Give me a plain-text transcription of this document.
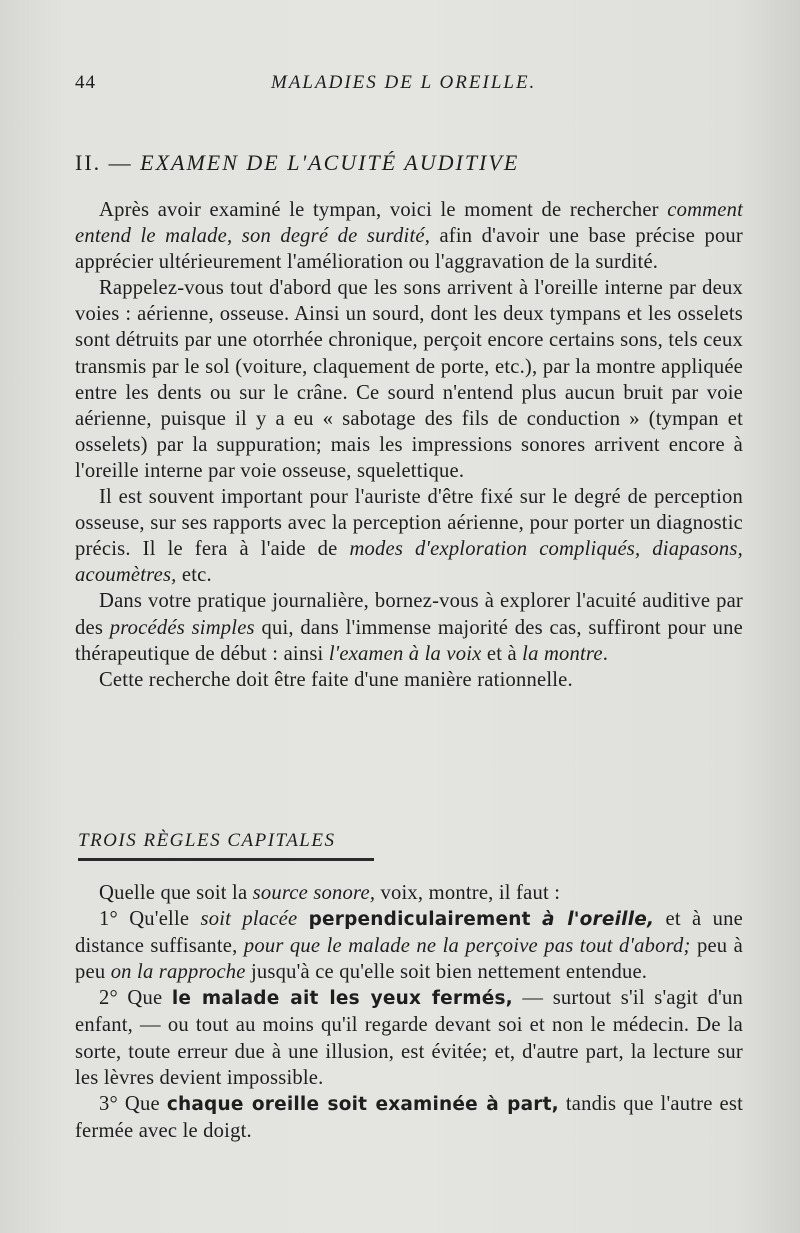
44	MALADIES DE L OREILLE.
II. — EXAMEN DE L'ACUITÉ AUDITIVE

Après avoir examiné le tympan, voici le moment de rechercher comment entend le malade, son degré de surdité, afin d'avoir une base précise pour apprécier ultérieurement l'amélioration ou l'aggravation de la surdité.

Rappelez-vous tout d'abord que les sons arrivent à l'oreille interne par deux voies : aérienne, osseuse. Ainsi un sourd, dont les deux tympans et les osselets sont détruits par une otorrhée chronique, perçoit encore certains sons, tels ceux transmis par le sol (voiture, claquement de porte, etc.), par la montre appliquée entre les dents ou sur le crâne. Ce sourd n'entend plus aucun bruit par voie aérienne, puisque il y a eu « sabotage des fils de conduction » (tympan et osselets) par la suppuration; mais les impressions sonores arrivent encore à l'oreille interne par voie osseuse, squelettique.

Il est souvent important pour l'auriste d'être fixé sur le degré de perception osseuse, sur ses rapports avec la perception aérienne, pour porter un diagnostic précis. Il le fera à l'aide de modes d'exploration compliqués, diapasons, acoumètres, etc.

Dans votre pratique journalière, bornez-vous à explorer l'acuité auditive par des procédés simples qui, dans l'immense majorité des cas, suffiront pour une thérapeutique de début : ainsi l'examen à la voix et à la montre.

Cette recherche doit être faite d'une manière rationnelle.

TROIS RÈGLES CAPITALES

Quelle que soit la source sonore, voix, montre, il faut :

1° Qu'elle soit placée perpendiculairement à l'oreille, et à une distance suffisante, pour que le malade ne la perçoive pas tout d'abord; peu à peu on la rapproche jusqu'à ce qu'elle soit bien nettement entendue.

2° Que le malade ait les yeux fermés, — surtout s'il s'agit d'un enfant, — ou tout au moins qu'il regarde devant soi et non le médecin. De la sorte, toute erreur due à une illusion, est évitée; et, d'autre part, la lecture sur les lèvres devient impossible.

3° Que chaque oreille soit examinée à part, tandis que l'autre est fermée avec le doigt.
